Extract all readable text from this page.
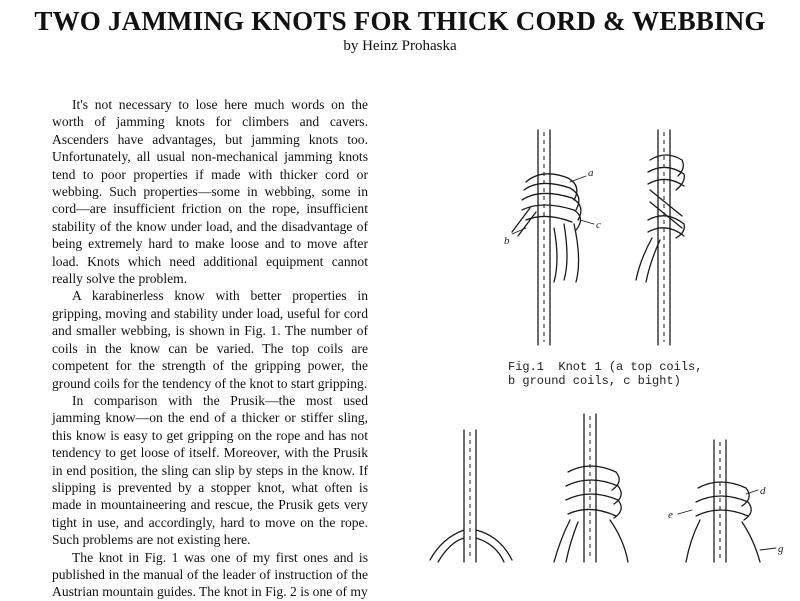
TWO JAMMING KNOTS FOR THICK CORD & WEBBING
by Heinz Prohaska

It's not necessary to lose here much words on the worth of jamming knots for climbers and cavers. Ascenders have advantages, but jamming knots too. Unfortunately, all usual non-mechanical jamming knots tend to poor properties if made with thicker cord or webbing. Such properties—some in webbing, some in cord—are insufficient friction on the rope, insufficient stability of the know under load, and the disadvantage of being extremely hard to make loose and to move after load. Knots which need additional equipment cannot really solve the problem.

A karabinerless know with better properties in gripping, moving and stability under load, useful for cord and smaller webbing, is shown in Fig. 1. The number of coils in the know can be varied. The top coils are competent for the strength of the gripping power, the ground coils for the tendency of the knot to start gripping.

In comparison with the Prusik—the most used jamming know—on the end of a thicker or stiffer sling, this know is easy to get gripping on the rope and has not tendency to get loose of itself. Moreover, with the Prusik in end position, the sling can slip by steps in the know. If slipping is prevented by a stopper knot, what often is made in mountaineering and rescue, the Prusik gets very tight in use, and accordingly, hard to move on the rope. Such problems are not existing here.

The knot in Fig. 1 was one of my first ones and is published in the manual of the leader of instruction of the Austrian mountain guides. The knot in Fig. 2 is one of my

a
b
c
Fig.1  Knot 1 (a top coils,
b ground coils, c bight)
d
e
g
